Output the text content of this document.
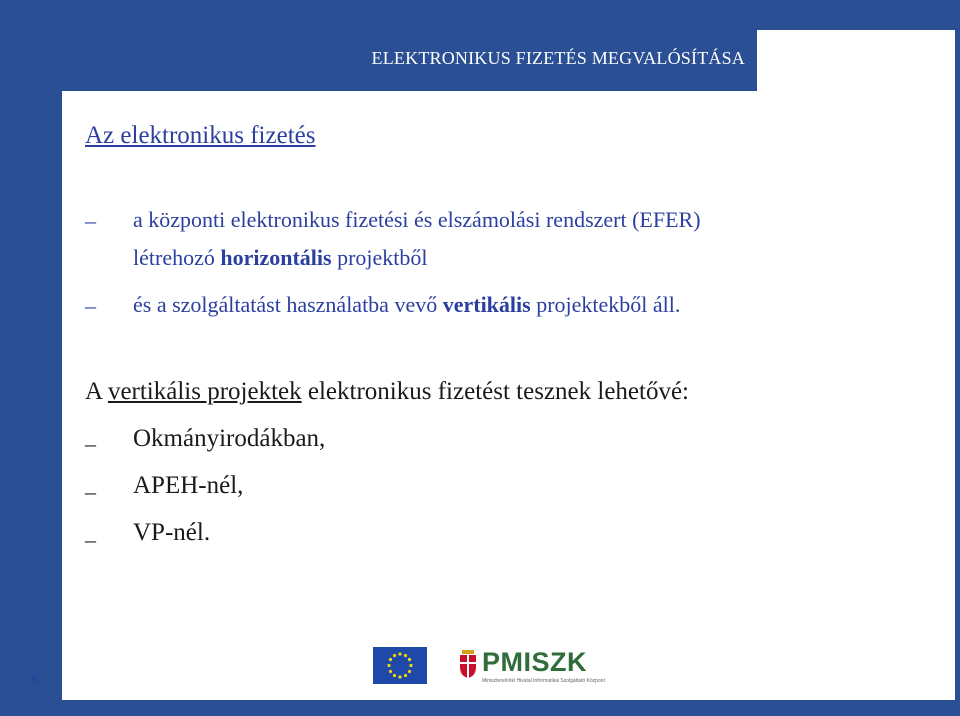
ELEKTRONIKUS FIZETÉS MEGVALÓSÍTÁSA
Az elektronikus fizetés
– a központi elektronikus fizetési és elszámolási rendszert (EFER)
létrehozó horizontális projektből
– és a szolgáltatást használatba vevő vertikális projektekből áll.
A vertikális projektek elektronikus fizetést tesznek lehetővé:
– Okmányirodákban,
– APEH-nél,
– VP-nél.
8
PMISZK
Miniszterelnöki Hivatal Informatikai Szolgáltató Központ
